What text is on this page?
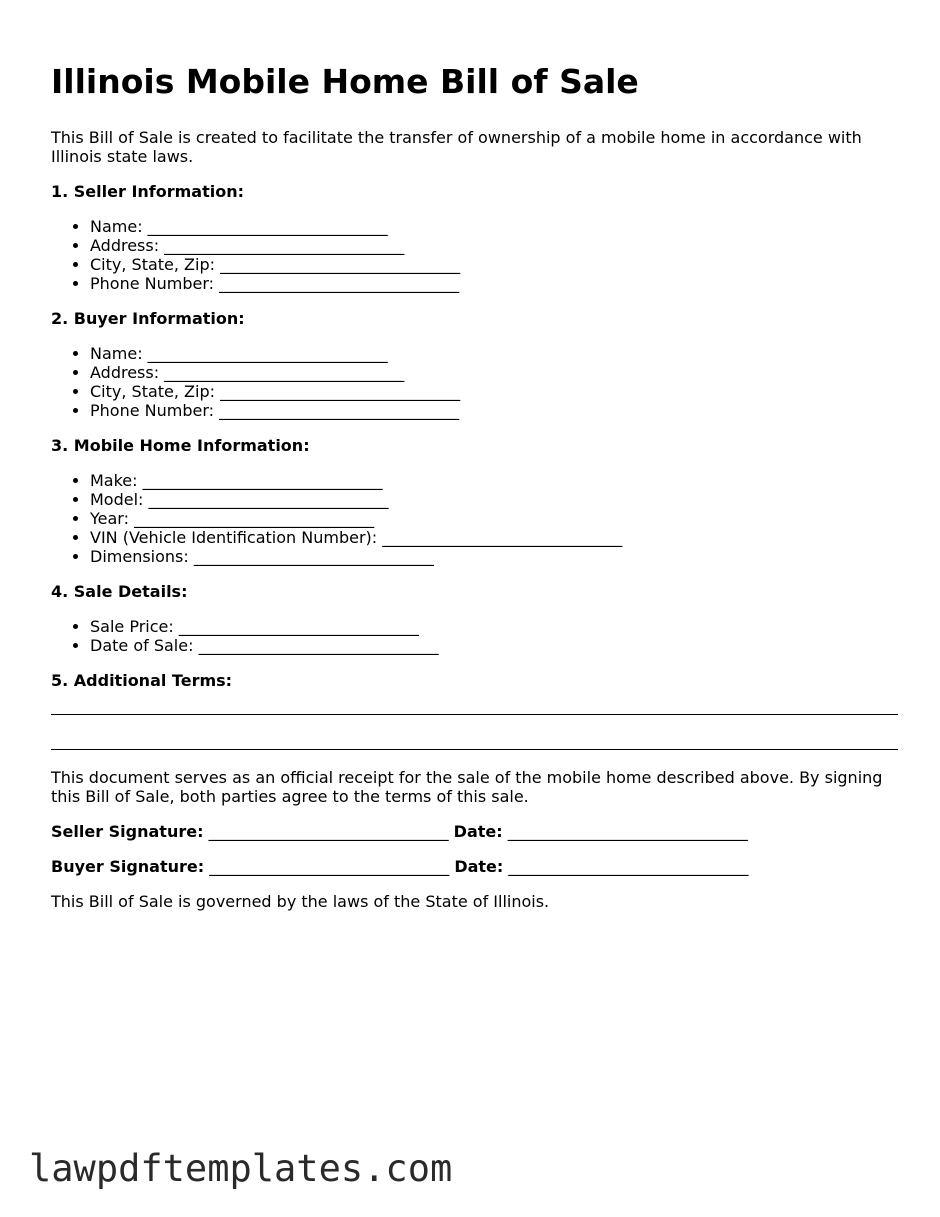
Illinois Mobile Home Bill of Sale

This Bill of Sale is created to facilitate the transfer of ownership of a mobile home in accordance with Illinois state laws.

1. Seller Information:
• Name: ______________________________
• Address: ______________________________
• City, State, Zip: ______________________________
• Phone Number: ______________________________
2. Buyer Information:
• Name: ______________________________
• Address: ______________________________
• City, State, Zip: ______________________________
• Phone Number: ______________________________
3. Mobile Home Information:
• Make: ______________________________
• Model: ______________________________
• Year: ______________________________
• VIN (Vehicle Identification Number): ______________________________
• Dimensions: ______________________________
4. Sale Details:
• Sale Price: ______________________________
• Date of Sale: ______________________________
5. Additional Terms:

This document serves as an official receipt for the sale of the mobile home described above. By signing this Bill of Sale, both parties agree to the terms of this sale.

Seller Signature: ______________________________ Date: ______________________________
Buyer Signature: ______________________________ Date: ______________________________

This Bill of Sale is governed by the laws of the State of Illinois.

lawpdftemplates.com
